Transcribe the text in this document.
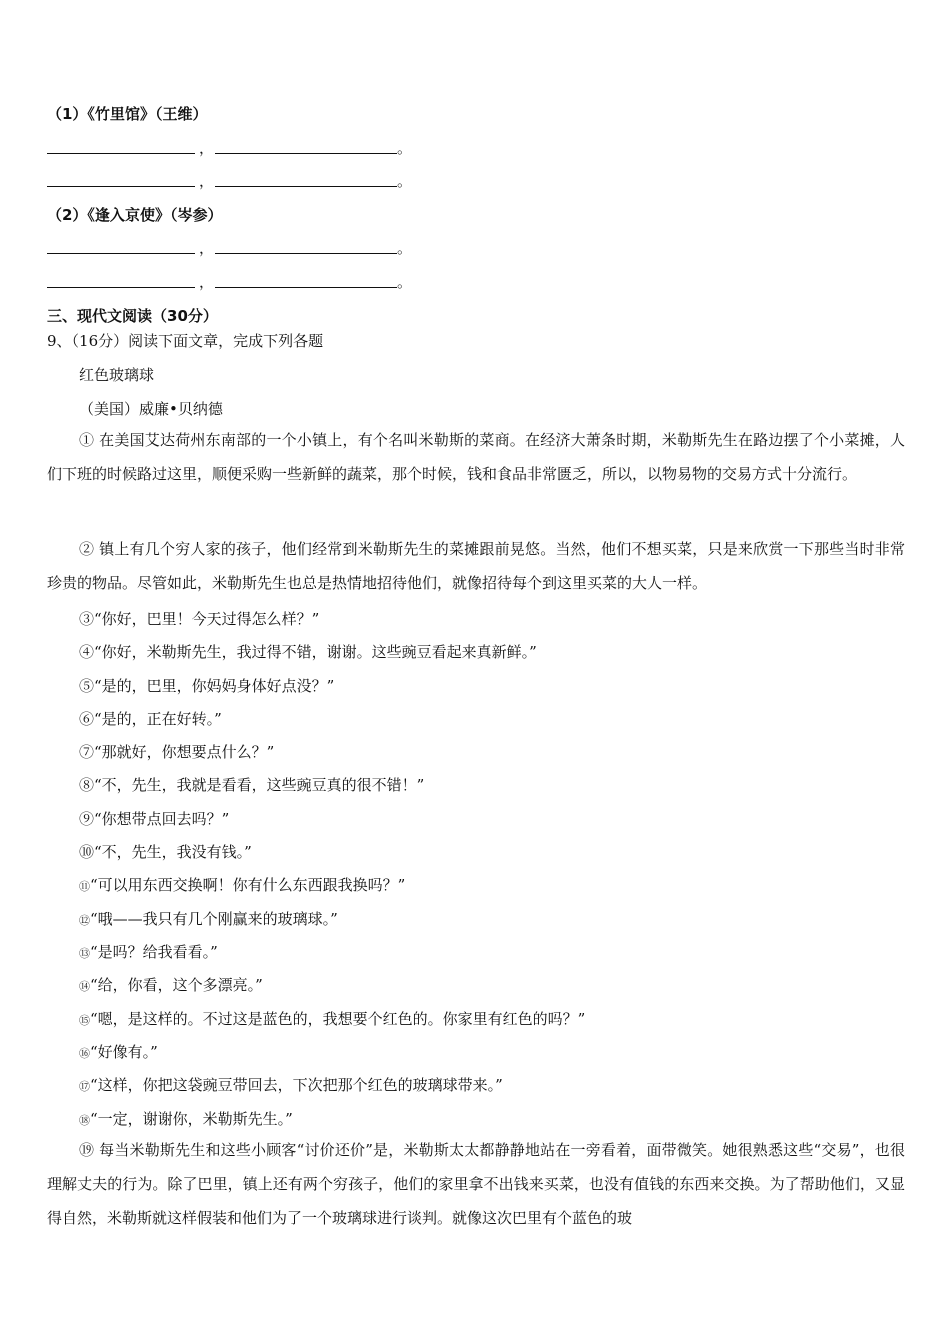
（1）《竹里馆》（王维）
，	。
，	。
（2）《逢入京使》（岑参）
，	。
，	。
三、现代文阅读（30分）
9、（16分）阅读下面文章，完成下列各题
红色玻璃球
（美国）威廉•贝纳德
① 在美国艾达荷州东南部的一个小镇上，有个名叫米勒斯的菜商。在经济大萧条时期，米勒斯先生在路边摆了个小菜摊，人们下班的时候路过这里，顺便采购一些新鲜的蔬菜，那个时候，钱和食品非常匮乏，所以，以物易物的交易方式十分流行。
② 镇上有几个穷人家的孩子，他们经常到米勒斯先生的菜摊跟前晃悠。当然，他们不想买菜，只是来欣赏一下那些当时非常珍贵的物品。尽管如此，米勒斯先生也总是热情地招待他们，就像招待每个到这里买菜的大人一样。
③“你好，巴里！今天过得怎么样？”
④“你好，米勒斯先生，我过得不错，谢谢。这些豌豆看起来真新鲜。”
⑤“是的，巴里，你妈妈身体好点没？”
⑥“是的，正在好转。”
⑦“那就好，你想要点什么？”
⑧“不，先生，我就是看看，这些豌豆真的很不错！”
⑨“你想带点回去吗？”
⑩“不，先生，我没有钱。”
⑪“可以用东西交换啊！你有什么东西跟我换吗？”
⑫“哦——我只有几个刚赢来的玻璃球。”
⑬“是吗？给我看看。”
⑭“给，你看，这个多漂亮。”
⑮“嗯，是这样的。不过这是蓝色的，我想要个红色的。你家里有红色的吗？”
⑯“好像有。”
⑰“这样，你把这袋豌豆带回去，下次把那个红色的玻璃球带来。”
⑱“一定，谢谢你，米勒斯先生。”
⑲ 每当米勒斯先生和这些小顾客“讨价还价”是，米勒斯太太都静静地站在一旁看着，面带微笑。她很熟悉这些“交易”，也很理解丈夫的行为。除了巴里，镇上还有两个穷孩子，他们的家里拿不出钱来买菜，也没有值钱的东西来交换。为了帮助他们，又显得自然，米勒斯就这样假装和他们为了一个玻璃球进行谈判。就像这次巴里有个蓝色的玻
